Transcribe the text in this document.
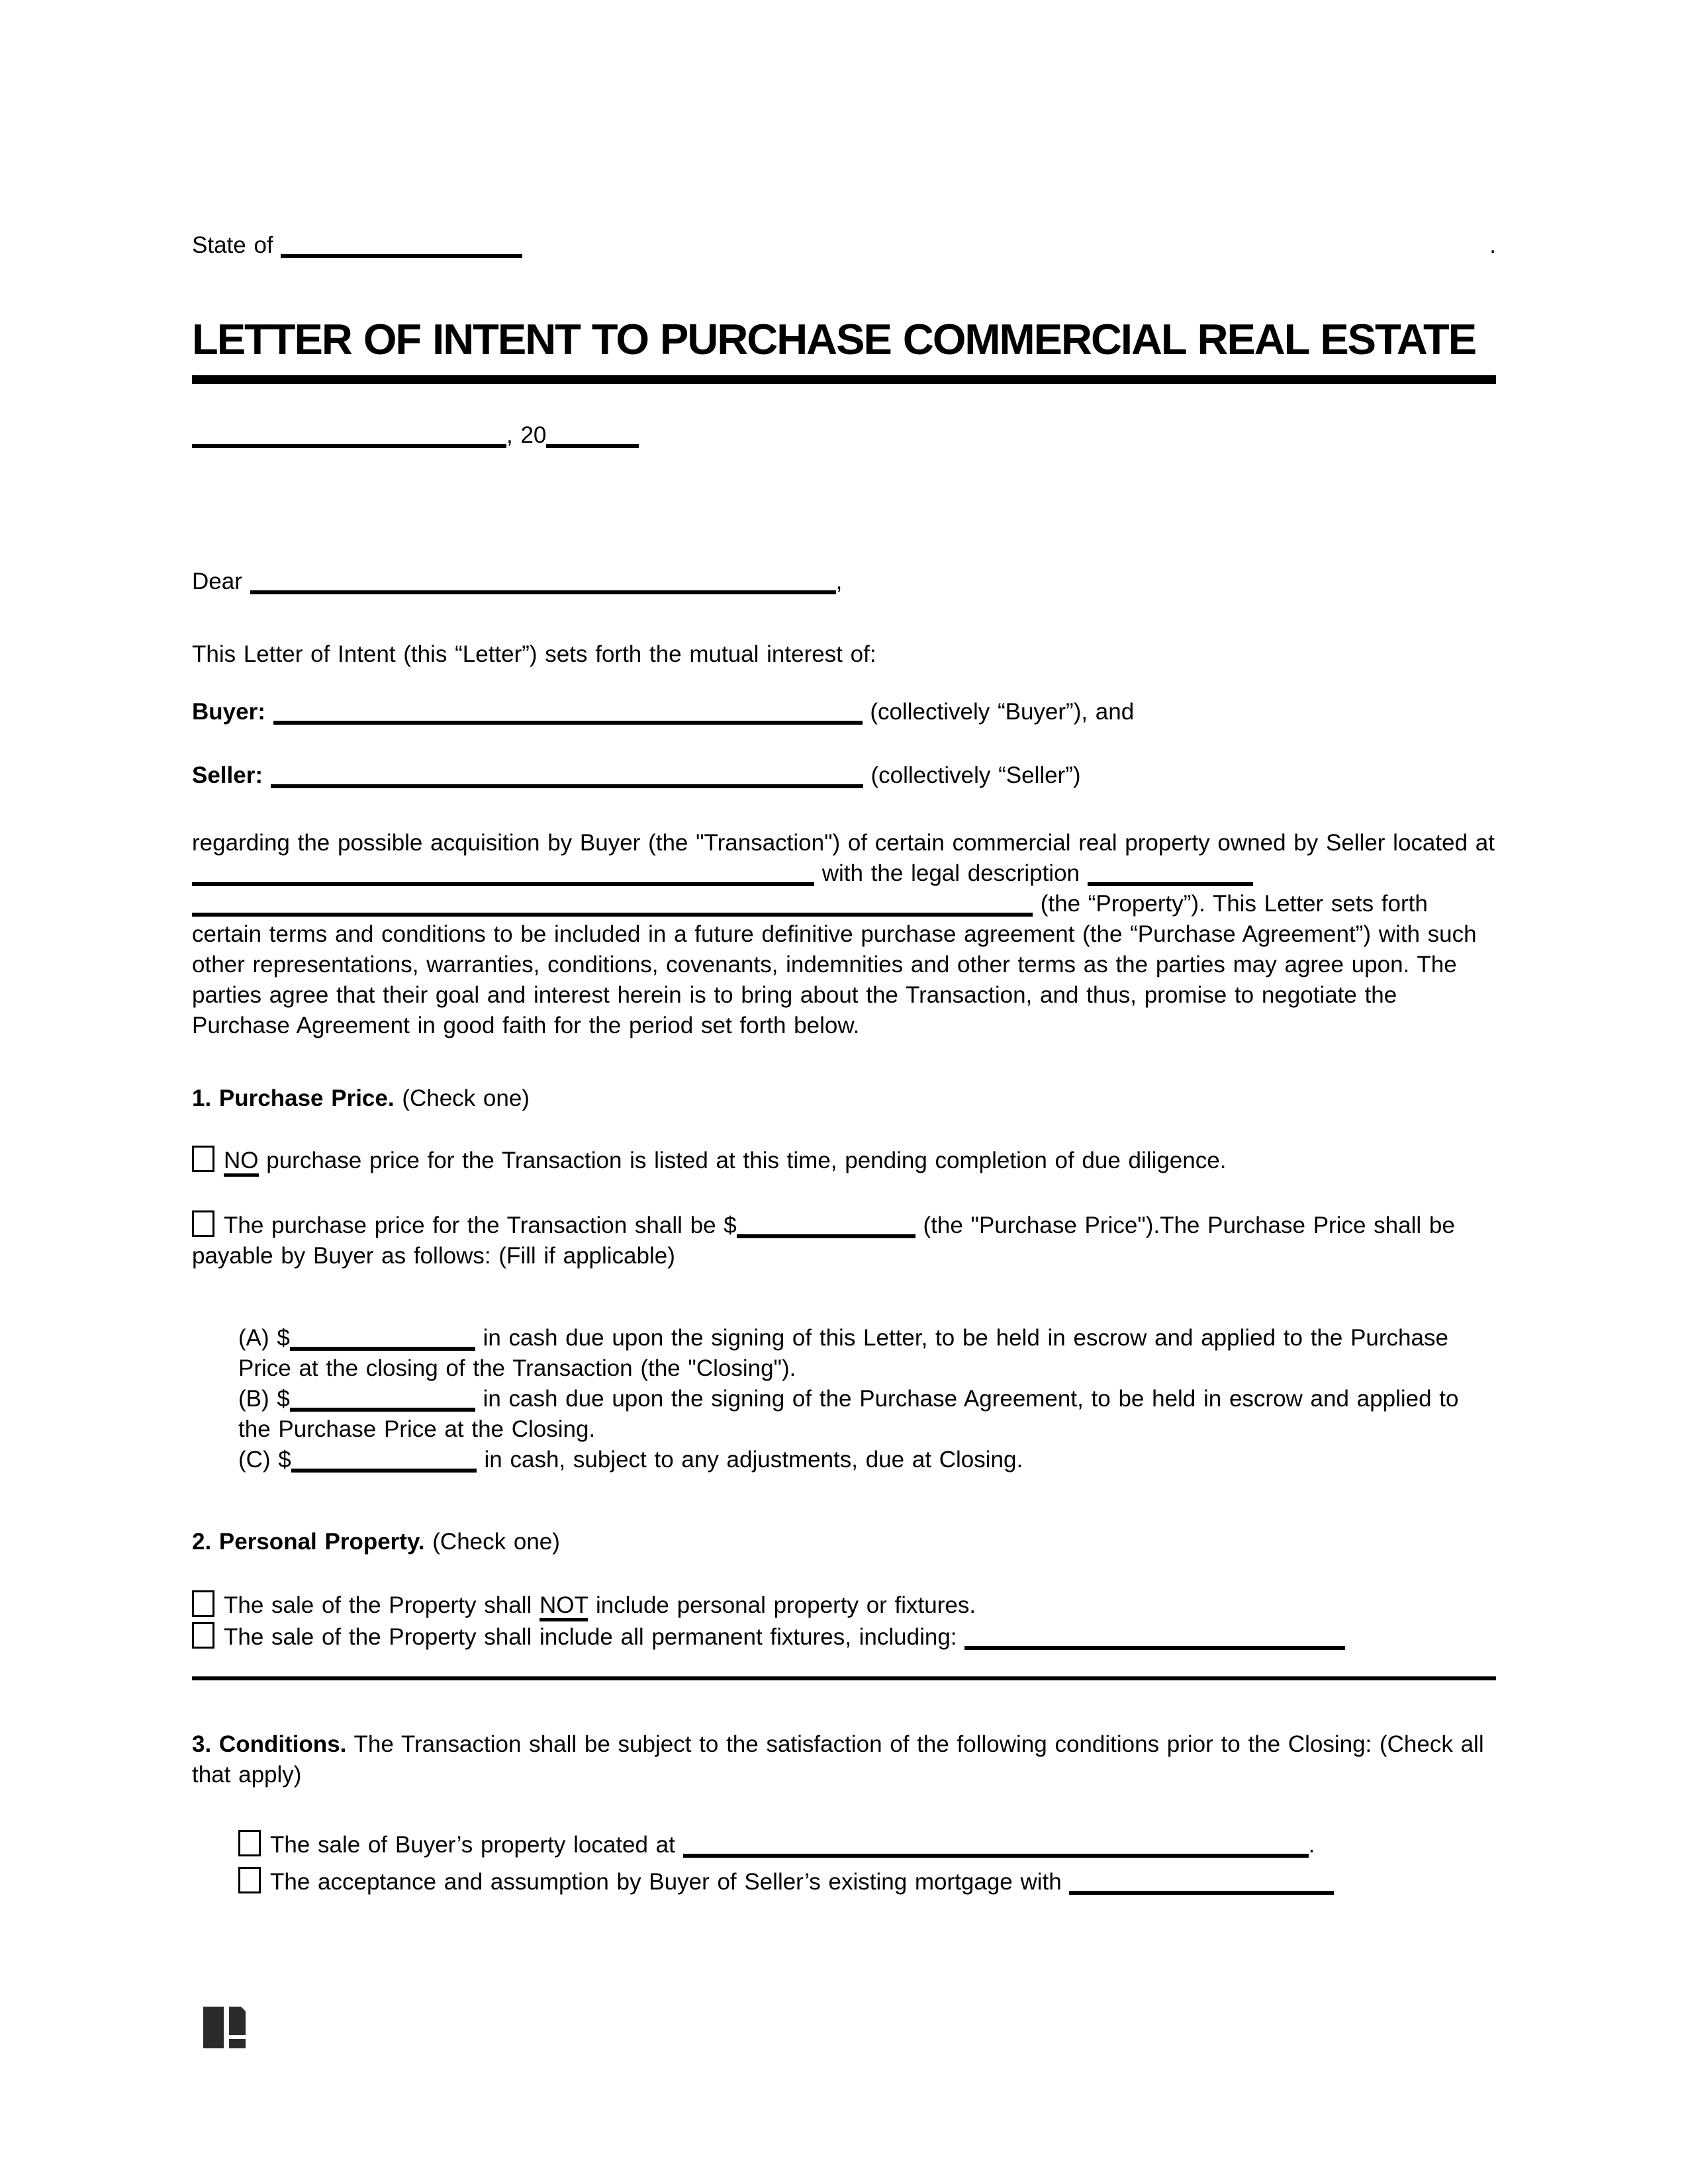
State of	.
LETTER OF INTENT TO PURCHASE COMMERCIAL REAL ESTATE
, 20
Dear	,
This Letter of Intent (this “Letter”) sets forth the mutual interest of:
Buyer:	(collectively “Buyer”), and
Seller:	(collectively “Seller”)
regarding the possible acquisition by Buyer (the "Transaction") of certain commercial real property owned by Seller located at  with the legal description   (the “Property”). This Letter sets forth certain terms and conditions to be included in a future definitive purchase agreement (the “Purchase Agreement”) with such other representations, warranties, conditions, covenants, indemnities and other terms as the parties may agree upon. The parties agree that their goal and interest herein is to bring about the Transaction, and thus, promise to negotiate the Purchase Agreement in good faith for the period set forth below.
1. Purchase Price. (Check one)
NO purchase price for the Transaction is listed at this time, pending completion of due diligence.
The purchase price for the Transaction shall be $	(the "Purchase Price").The Purchase Price shall be payable by Buyer as follows: (Fill if applicable)
(A) $	in cash due upon the signing of this Letter, to be held in escrow and applied to the Purchase Price at the closing of the Transaction (the "Closing").
(B) $	in cash due upon the signing of the Purchase Agreement, to be held in escrow and applied to the Purchase Price at the Closing.
(C) $	in cash, subject to any adjustments, due at Closing.
2. Personal Property. (Check one)
The sale of the Property shall NOT include personal property or fixtures.
The sale of the Property shall include all permanent fixtures, including:
3. Conditions. The Transaction shall be subject to the satisfaction of the following conditions prior to the Closing: (Check all that apply)
The sale of Buyer’s property located at	.
The acceptance and assumption by Buyer of Seller’s existing mortgage with
